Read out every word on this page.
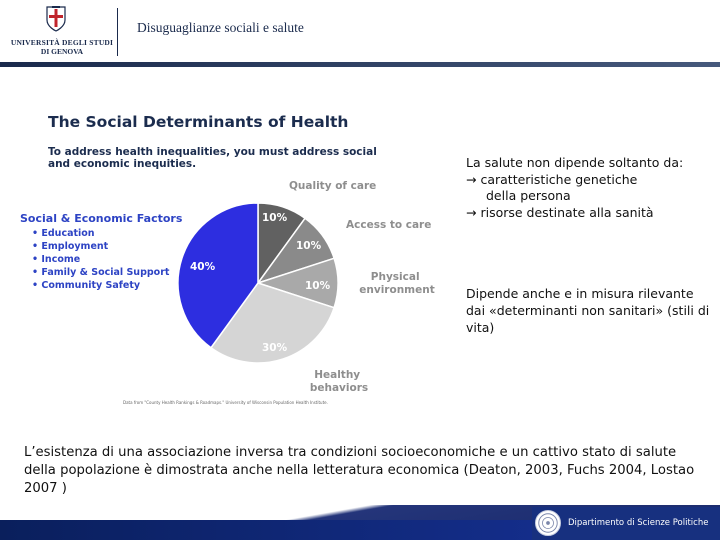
UNIVERSITÀ DEGLI STUDI
DI GENOVA
Disuguaglianze sociali e salute
The Social Determinants of Health
To address health inequalities, you must address social and economic inequities.
Social & Economic Factors
• Education
• Employment
• Income
• Family & Social Support
• Community Safety
10%
10%
10%
30%
40%
Quality of care
Access to care
Physical environment
Healthy behaviors
Data from "County Health Rankings & Roadmaps." University of Wisconsin Population Health Institute.
La salute non dipende soltanto da:
→ caratteristiche genetiche
della persona
→ risorse destinate alla sanità
Dipende anche e in misura rilevante dai «determinanti non sanitari» (stili di vita)
L’esistenza di una associazione inversa tra condizioni socioeconomiche e un cattivo stato di salute della popolazione è dimostrata anche nella letteratura economica (Deaton, 2003, Fuchs 2004, Lostao 2007 )
Dipartimento di Scienze Politiche
